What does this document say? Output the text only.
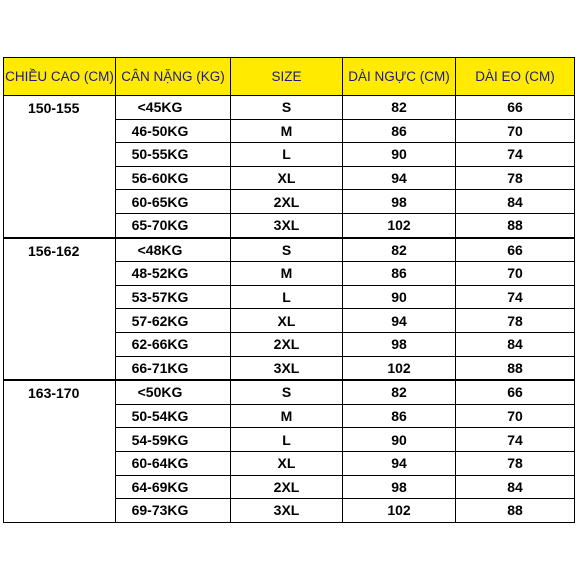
CHIỀU CAO (CM)	CÂN NẶNG (KG)	SIZE	DÀI NGỰC (CM)	DÀI EO (CM)
150-155	<45KG	S	82	66
	46-50KG	M	86	70
	50-55KG	L	90	74
	56-60KG	XL	94	78
	60-65KG	2XL	98	84
	65-70KG	3XL	102	88
156-162	<48KG	S	82	66
	48-52KG	M	86	70
	53-57KG	L	90	74
	57-62KG	XL	94	78
	62-66KG	2XL	98	84
	66-71KG	3XL	102	88
163-170	<50KG	S	82	66
	50-54KG	M	86	70
	54-59KG	L	90	74
	60-64KG	XL	94	78
	64-69KG	2XL	98	84
	69-73KG	3XL	102	88
